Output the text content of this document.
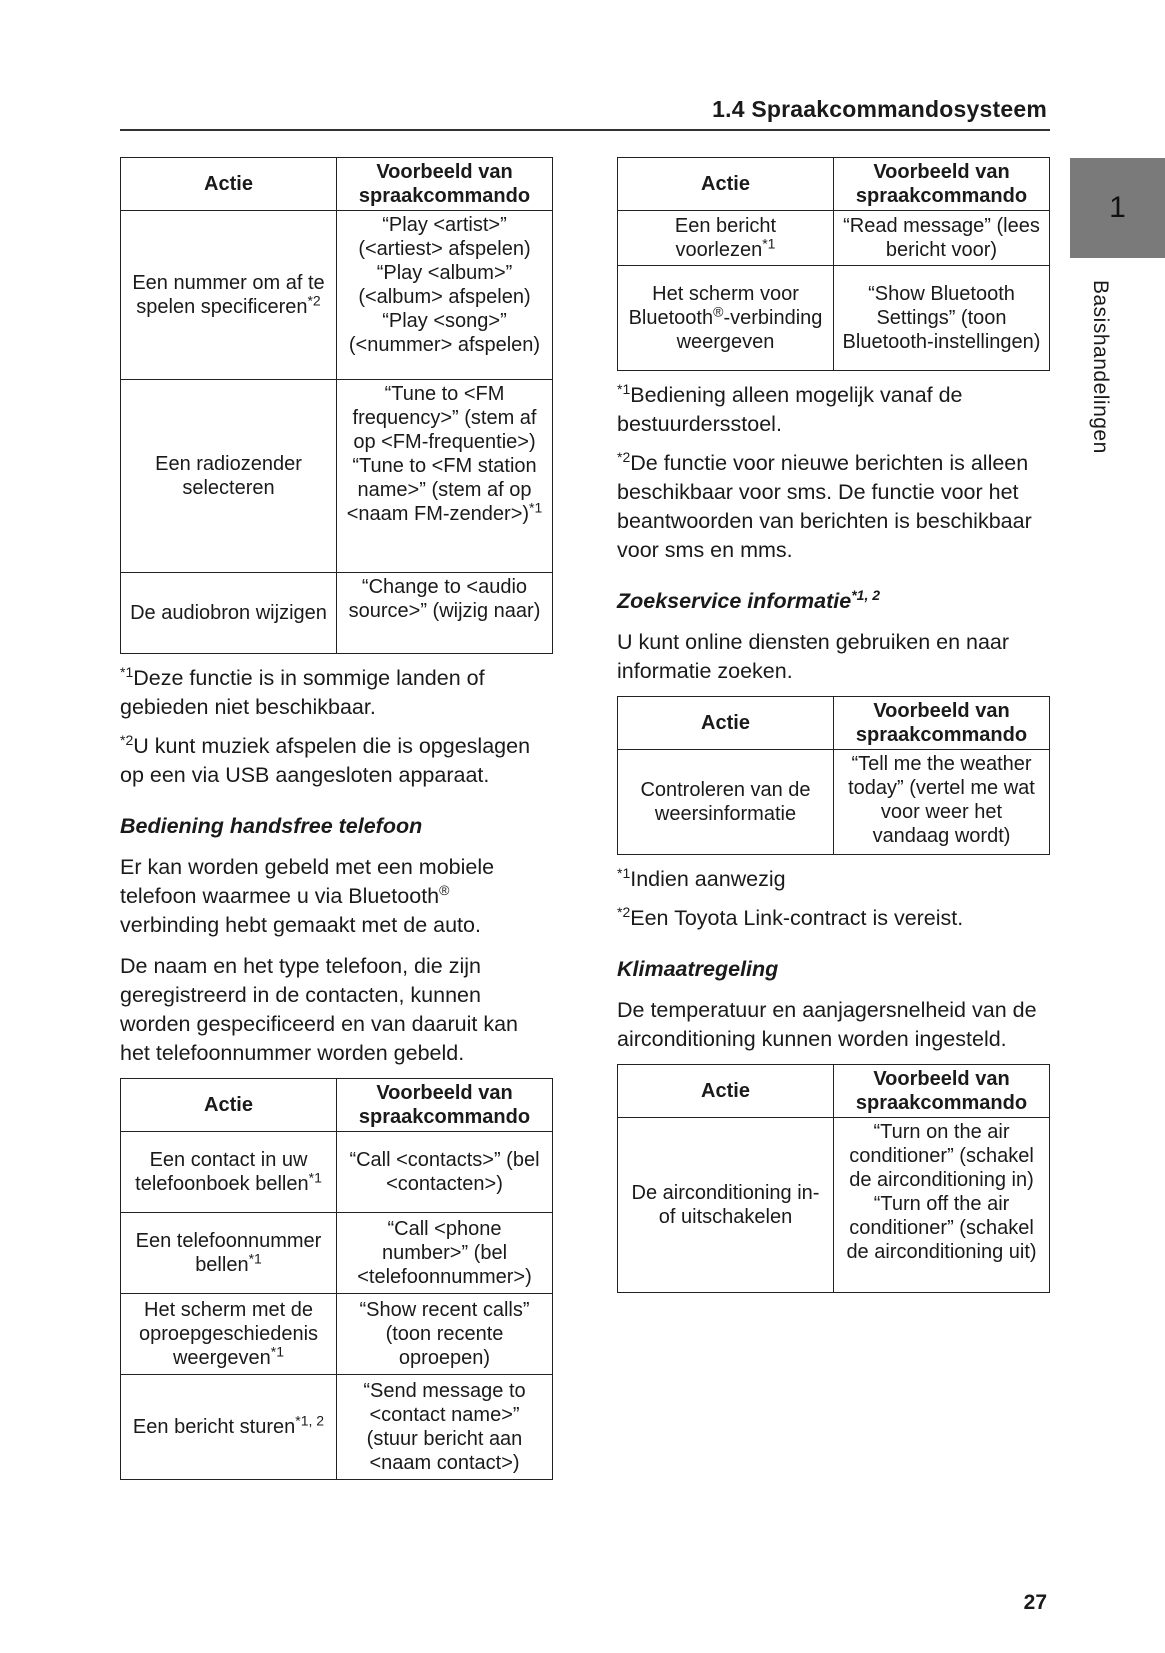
1.4 Spraakcommandosysteem
1
Basishandelingen
Actie	Voorbeeld van
spraakcommando
Een nummer om af te spelen specificeren$^{*2}$	“Play <artist>” (<artiest> afspelen) “Play <album>” (<album> afspelen) “Play <song>” (<nummer> afspelen)
Een radiozender selecteren	“Tune to <FM frequency>” (stem af op <FM-frequentie>) “Tune to <FM station name>” (stem af op <naam FM-zender>)$^{*1}$
De audiobron wijzigen	“Change to <audio source>” (wijzig naar)

$^{*1}$Deze functie is in sommige landen of gebieden niet beschikbaar.

$^{*2}$U kunt muziek afspelen die is opgeslagen op een via USB aangesloten apparaat.

Bediening handsfree telefoon

Er kan worden gebeld met een mobiele telefoon waarmee u via Bluetooth® verbinding hebt gemaakt met de auto.

De naam en het type telefoon, die zijn geregistreerd in de contacten, kunnen worden gespecificeerd en van daaruit kan het telefoonnummer worden gebeld.

Actie	Voorbeeld van
spraakcommando
Een contact in uw telefoonboek bellen$^{*1}$	“Call <contacts>” (bel <contacten>)
Een telefoonnummer bellen$^{*1}$	“Call <phone number>” (bel <telefoonnummer>)
Het scherm met de oproepgeschiedenis weergeven$^{*1}$	“Show recent calls” (toon recente oproepen)
Een bericht sturen$^{*1, 2}$	“Send message to <contact name>” (stuur bericht aan <naam contact>)
Actie	Voorbeeld van
spraakcommando
Een bericht voorlezen$^{*1}$	“Read message” (lees bericht voor)
Het scherm voor Bluetooth®-verbinding weergeven	“Show Bluetooth Settings” (toon Bluetooth-instellingen)

$^{*1}$Bediening alleen mogelijk vanaf de bestuurdersstoel.

$^{*2}$De functie voor nieuwe berichten is alleen beschikbaar voor sms. De functie voor het beantwoorden van berichten is beschikbaar voor sms en mms.

Zoekservice informatie$^{*1, 2}$

U kunt online diensten gebruiken en naar informatie zoeken.

Actie	Voorbeeld van
spraakcommando
Controleren van de weersinformatie	“Tell me the weather today” (vertel me wat voor weer het vandaag wordt)

$^{*1}$Indien aanwezig

$^{*2}$Een Toyota Link-contract is vereist.

Klimaatregeling

De temperatuur en aanjagersnelheid van de airconditioning kunnen worden ingesteld.

Actie	Voorbeeld van
spraakcommando
De airconditioning in- of uitschakelen	“Turn on the air conditioner” (schakel de airconditioning in) “Turn off the air conditioner” (schakel de airconditioning uit)
27
